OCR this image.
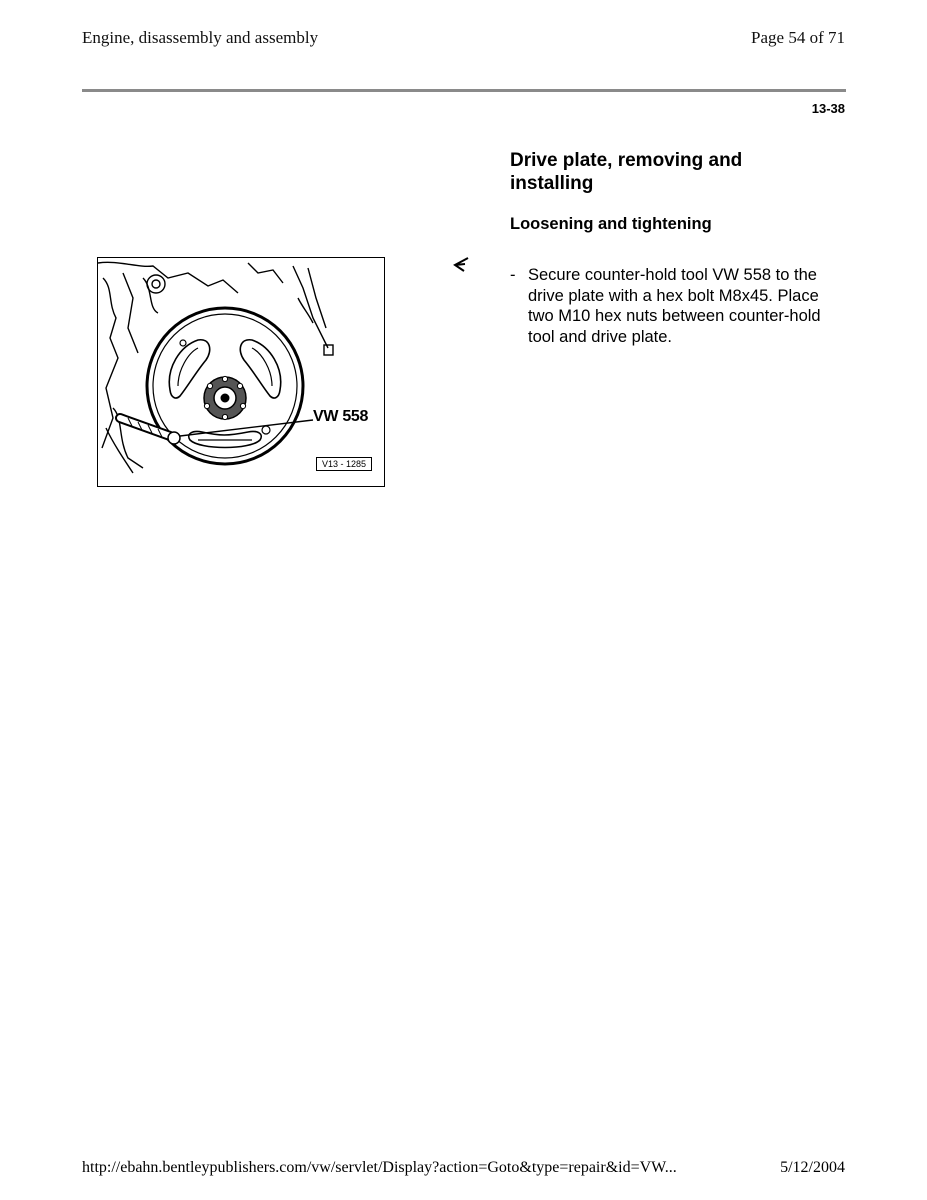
Engine, disassembly and assembly	Page 54 of 71
13-38
Drive plate, removing and installing
Loosening and tightening
- Secure counter-hold tool VW 558 to the drive plate with a hex bolt M8x45. Place two M10 hex nuts between counter-hold tool and drive plate.
VW 558
V13 - 1285
http://ebahn.bentleypublishers.com/vw/servlet/Display?action=Goto&type=repair&id=VW...	5/12/2004
